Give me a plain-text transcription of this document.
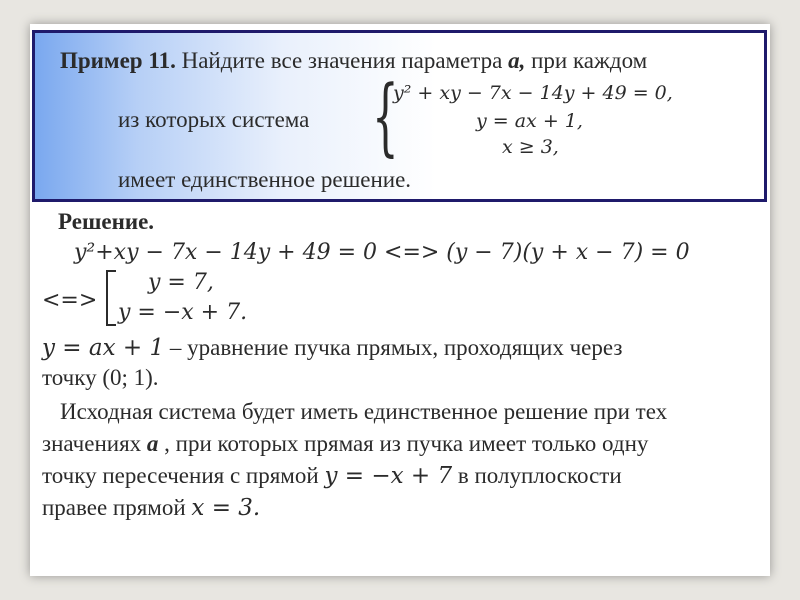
Пример 11. Найдите все значения параметра a, при каждом
из которых система {
y² + xy − 7x − 14y + 49 = 0,
y = ax + 1,
x ≥ 3,
имеет единственное решение.
Решение.
y²+xy − 7x − 14y + 49 = 0 <=> (y − 7)(y + x − 7) = 0
<=>
y = 7,
y = −x + 7.
y = ax + 1 – уравнение пучка прямых, проходящих через
точку (0; 1).
Исходная система будет иметь единственное решение при тех
значениях a , при которых прямая из пучка имеет только одну
точку пересечения с прямой y = −x + 7 в полуплоскости
правее прямой x = 3.
